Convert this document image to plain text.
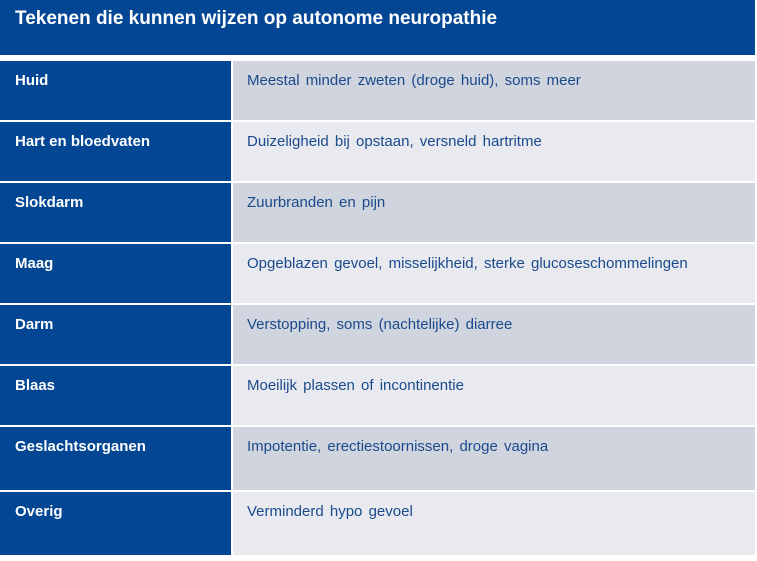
Tekenen die kunnen wijzen op autonome neuropathie
Huid	Meestal minder zweten (droge huid), soms meer
Hart en bloedvaten	Duizeligheid bij opstaan, versneld hartritme
Slokdarm	Zuurbranden en pijn
Maag	Opgeblazen gevoel, misselijkheid, sterke glucoseschommelingen
Darm	Verstopping, soms (nachtelijke) diarree
Blaas	Moeilijk plassen of incontinentie
Geslachtsorganen	Impotentie, erectiestoornissen, droge vagina
Overig	Verminderd hypo gevoel
